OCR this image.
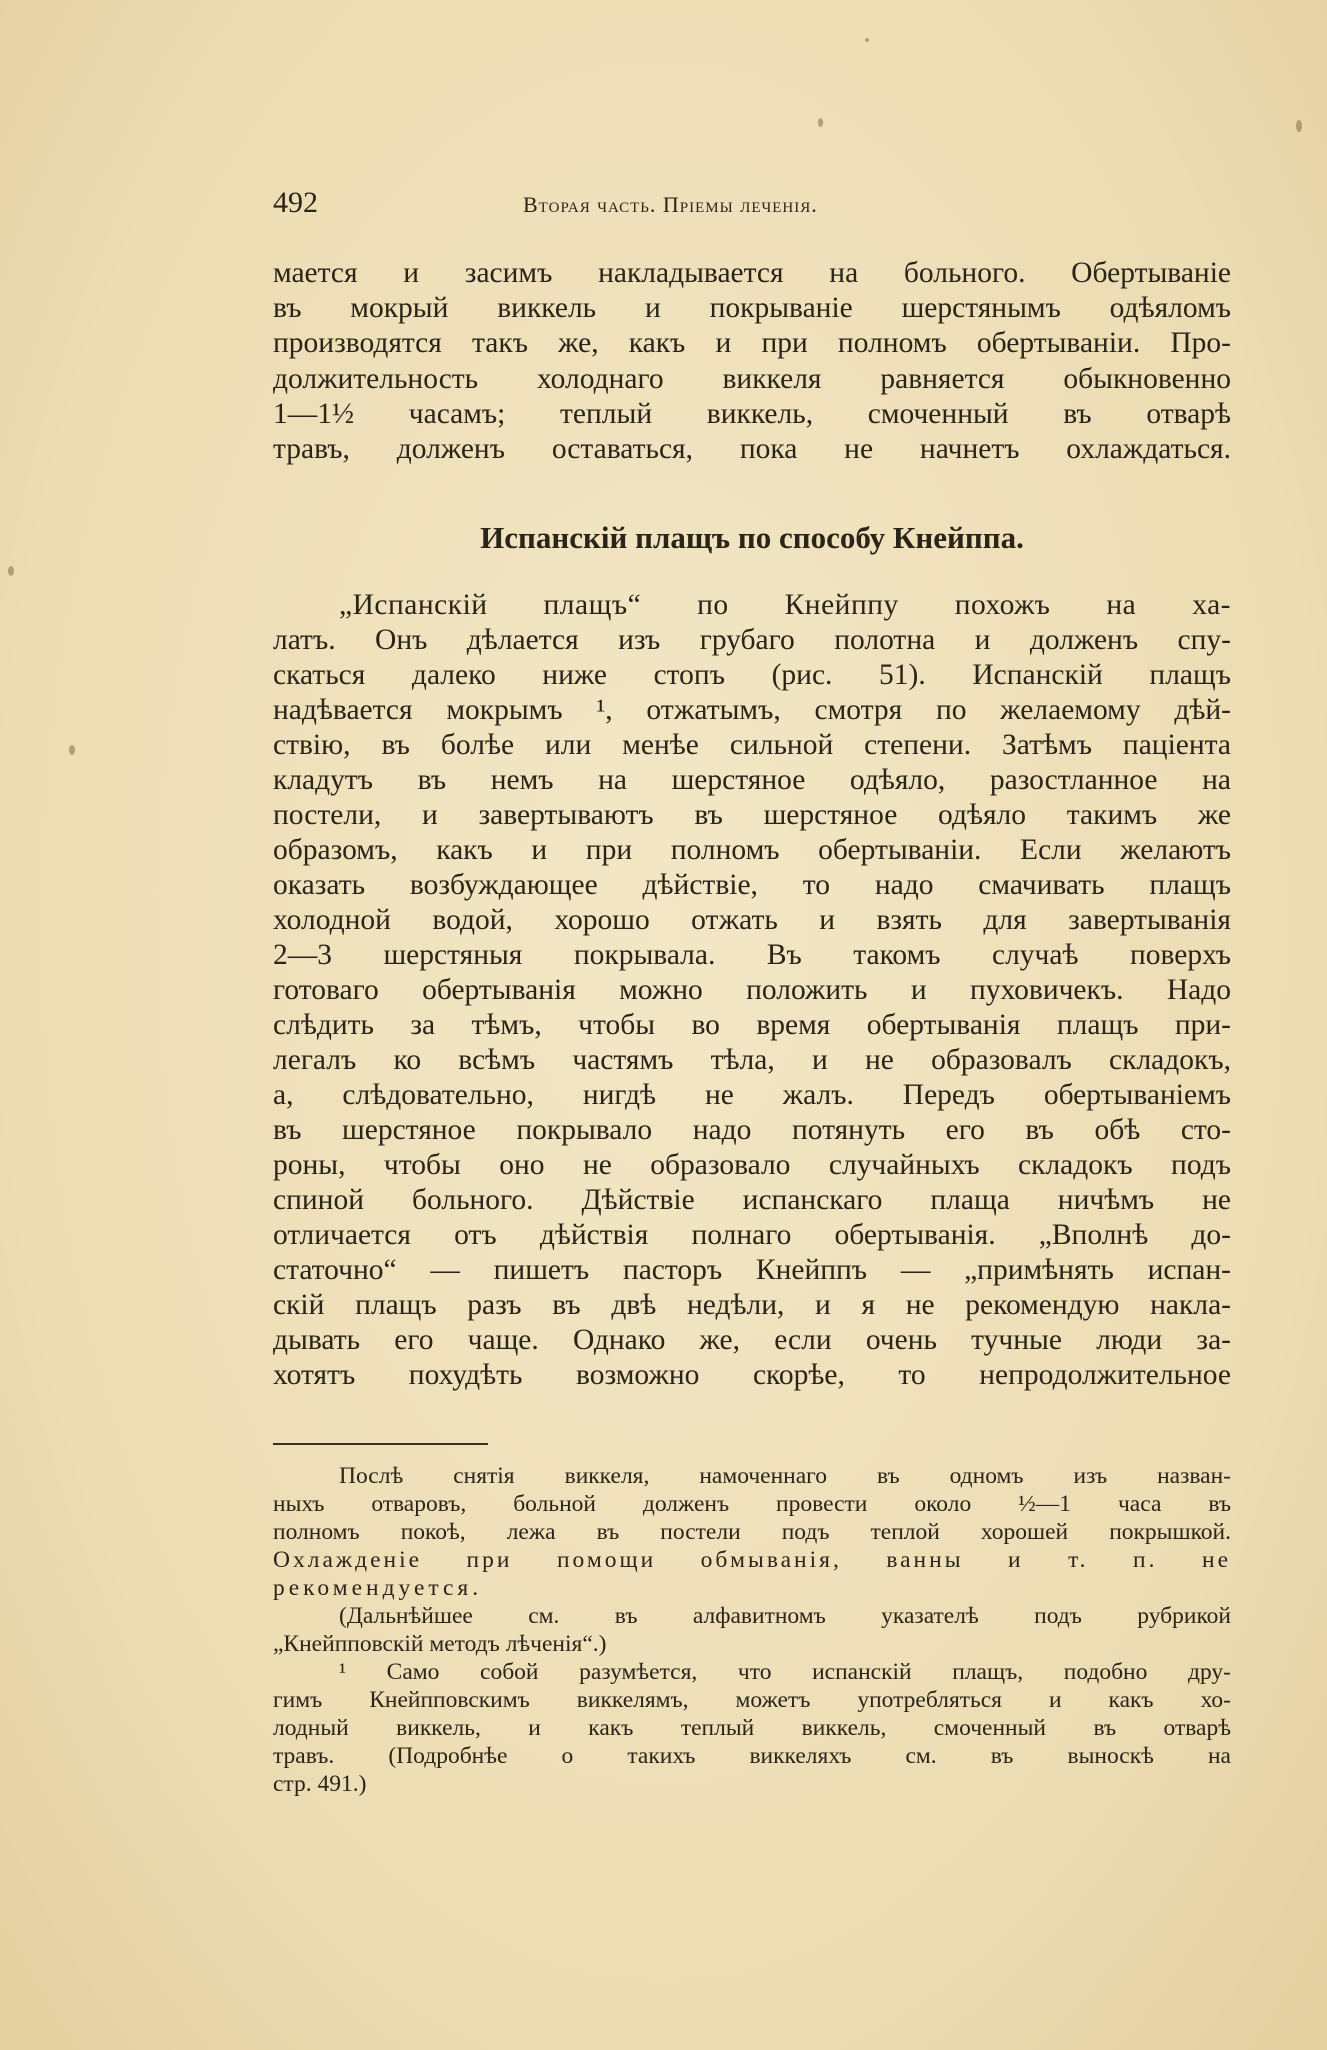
492	Вторая часть. Пріемы леченія.
мается и засимъ накладывается на больного. Обертываніе
въ мокрый виккель и покрываніе шерстянымъ одѣяломъ
производятся такъ же, какъ и при полномъ обертываніи. Про-
должительность холоднаго виккеля равняется обыкновенно
1—1½ часамъ; теплый виккель, смоченный въ отварѣ
травъ, долженъ оставаться, пока не начнетъ охлаждаться.
Испанскій плащъ по способу Кнейппа.
„Испанскій плащъ“ по Кнейппу похожъ на ха-
латъ. Онъ дѣлается изъ грубаго полотна и долженъ спу-
скаться далеко ниже стопъ (рис. 51). Испанскій плащъ
надѣвается мокрымъ ¹, отжатымъ, смотря по желаемому дѣй-
ствію, въ болѣе или менѣе сильной степени. Затѣмъ паціента
кладутъ въ немъ на шерстяное одѣяло, разостланное на
постели, и завертываютъ въ шерстяное одѣяло такимъ же
образомъ, какъ и при полномъ обертываніи. Если желаютъ
оказать возбуждающее дѣйствіе, то надо смачивать плащъ
холодной водой, хорошо отжать и взять для завертыванія
2—3 шерстяныя покрывала. Въ такомъ случаѣ поверхъ
готоваго обертыванія можно положить и пуховичекъ. Надо
слѣдить за тѣмъ, чтобы во время обертыванія плащъ при-
легалъ ко всѣмъ частямъ тѣла, и не образовалъ складокъ,
а, слѣдовательно, нигдѣ не жалъ. Передъ обертываніемъ
въ шерстяное покрывало надо потянуть его въ обѣ сто-
роны, чтобы оно не образовало случайныхъ складокъ подъ
спиной больного. Дѣйствіе испанскаго плаща ничѣмъ не
отличается отъ дѣйствія полнаго обертыванія. „Вполнѣ до-
статочно“ — пишетъ пасторъ Кнейппъ — „примѣнять испан-
скій плащъ разъ въ двѣ недѣли, и я не рекомендую накла-
дывать его чаще. Однако же, если очень тучные люди за-
хотятъ похудѣть возможно скорѣе, то непродолжительное
Послѣ снятія виккеля, намоченнаго въ одномъ изъ назван-
ныхъ отваровъ, больной долженъ провести около ½—1 часа въ
полномъ покоѣ, лежа въ постели подъ теплой хорошей покрышкой.
Охлажденіе при помощи обмыванія, ванны и т. п. не
рекомендуется.
(Дальнѣйшее см. въ алфавитномъ указателѣ подъ рубрикой
„Кнейпповскій методъ лѣченія“.)
¹ Само собой разумѣется, что испанскій плащъ, подобно дру-
гимъ Кнейпповскимъ виккелямъ, можетъ употребляться и какъ хо-
лодный виккель, и какъ теплый виккель, смоченный въ отварѣ
травъ. (Подробнѣе о такихъ виккеляхъ см. въ выноскѣ на
стр. 491.)
